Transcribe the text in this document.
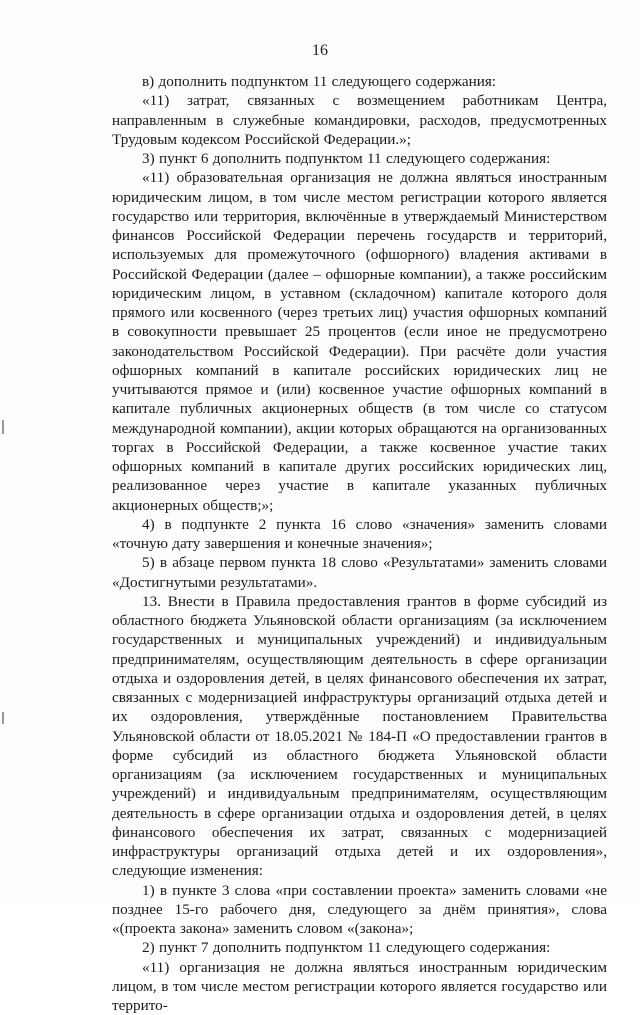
16

в) дополнить подпунктом 11 следующего содержания:

«11) затрат, связанных с возмещением работникам Центра, направленным в служебные командировки, расходов, предусмотренных Трудовым кодексом Российской Федерации.»;

3) пункт 6 дополнить подпунктом 11 следующего содержания:

«11) образовательная организация не должна являться иностранным юридическим лицом, в том числе местом регистрации которого является государство или территория, включённые в утверждаемый Министерством финансов Российской Федерации перечень государств и территорий, используемых для промежуточного (офшорного) владения активами в Российской Федерации (далее – офшорные компании), а также российским юридическим лицом, в уставном (складочном) капитале которого доля прямого или косвенного (через третьих лиц) участия офшорных компаний в совокупности превышает 25 процентов (если иное не предусмотрено законодательством Российской Федерации). При расчёте доли участия офшорных компаний в капитале российских юридических лиц не учитываются прямое и (или) косвенное участие офшорных компаний в капитале публичных акционерных обществ (в том числе со статусом международной компании), акции которых обращаются на организованных торгах в Российской Федерации, а также косвенное участие таких офшорных компаний в капитале других российских юридических лиц, реализованное через участие в капитале указанных публичных акционерных обществ;»;

4) в подпункте 2 пункта 16 слово «значения» заменить словами «точную дату завершения и конечные значения»;

5) в абзаце первом пункта 18 слово «Результатами» заменить словами «Достигнутыми результатами».

13. Внести в Правила предоставления грантов в форме субсидий из областного бюджета Ульяновской области организациям (за исключением государственных и муниципальных учреждений) и индивидуальным предпринимателям, осуществляющим деятельность в сфере организации отдыха и оздоровления детей, в целях финансового обеспечения их затрат, связанных с модернизацией инфраструктуры организаций отдыха детей и их оздоровления, утверждённые постановлением Правительства Ульяновской области от 18.05.2021 № 184-П «О предоставлении грантов в форме субсидий из областного бюджета Ульяновской области организациям (за исключением государственных и муниципальных учреждений) и индивидуальным предпринимателям, осуществляющим деятельность в сфере организации отдыха и оздоровления детей, в целях финансового обеспечения их затрат, связанных с модернизацией инфраструктуры организаций отдыха детей и их оздоровления», следующие изменения:

1) в пункте 3 слова «при составлении проекта» заменить словами «не позднее 15-го рабочего дня, следующего за днём принятия», слова «(проекта закона» заменить словом «(закона»;

2) пункт 7 дополнить подпунктом 11 следующего содержания:

«11) организация не должна являться иностранным юридическим лицом, в том числе местом регистрации которого является государство или террито-
